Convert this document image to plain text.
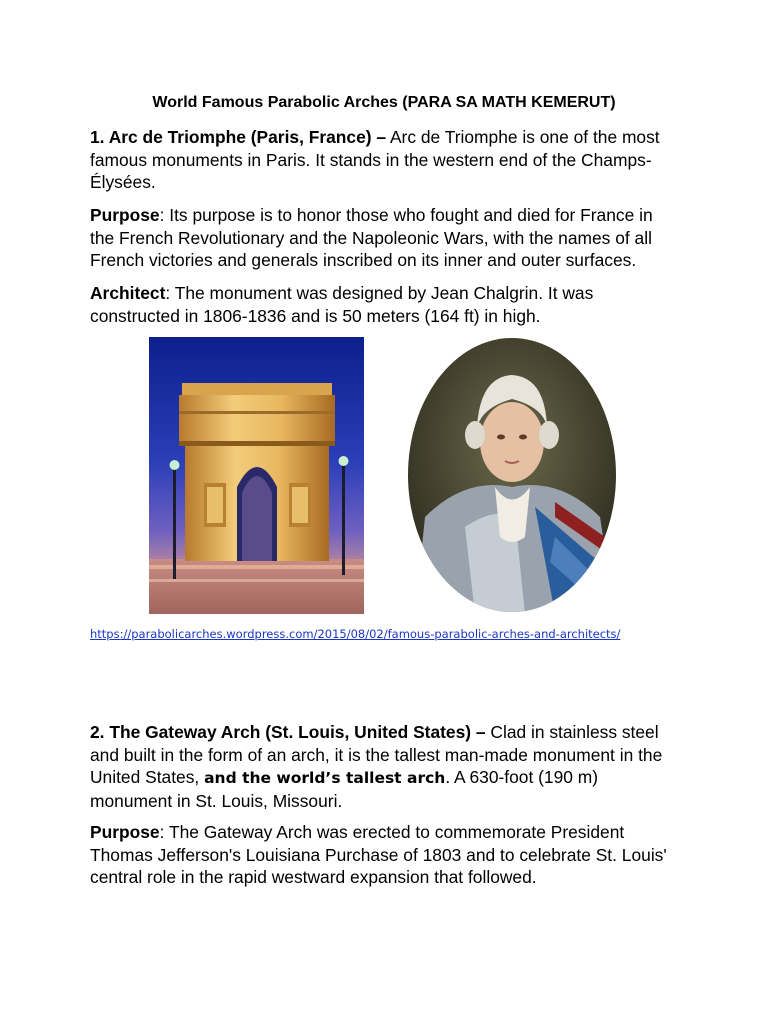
World Famous Parabolic Arches (PARA SA MATH KEMERUT)
1. Arc de Triomphe (Paris, France) – Arc de Triomphe is one of the most famous monuments in Paris. It stands in the western end of the Champs-Élysées.
Purpose: Its purpose is to honor those who fought and died for France in the French Revolutionary and the Napoleonic Wars, with the names of all French victories and generals inscribed on its inner and outer surfaces.
Architect: The monument was designed by Jean Chalgrin. It was constructed in 1806-1836 and is 50 meters (164 ft) in high.
https://parabolicarches.wordpress.com/2015/08/02/famous-parabolic-arches-and-architects/
2. The Gateway Arch (St. Louis, United States) – Clad in stainless steel and built in the form of an arch, it is the tallest man-made monument in the United States, and the world’s tallest arch. A 630-foot (190 m) monument in St. Louis, Missouri.
Purpose: The Gateway Arch was erected to commemorate President Thomas Jefferson's Louisiana Purchase of 1803 and to celebrate St. Louis' central role in the rapid westward expansion that followed.
